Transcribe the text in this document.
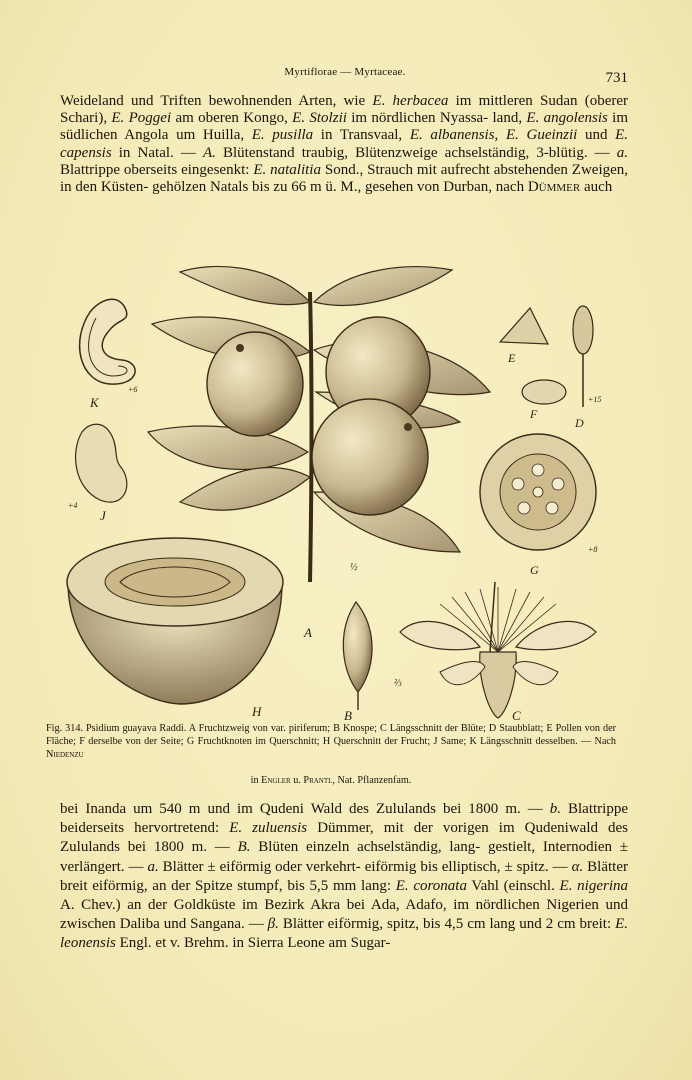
Myrtiflorae — Myrtaceae.	731
Weideland und Triften bewohnenden Arten, wie E. herbacea im mittleren Sudan (oberer Schari), E. Poggei am oberen Kongo, E. Stolzii im nördlichen Nyassa- land, E. angolensis im südlichen Angola um Huilla, E. pusilla in Transvaal, E. albanensis, E. Gueinzii und E. capensis in Natal. — A. Blütenstand traubig, Blütenzweige achselständig, 3-blütig. — a. Blattrippe oberseits eingesenkt: E. natalitia Sond., Strauch mit aufrecht abstehenden Zweigen, in den Küsten- gehölzen Natals bis zu 66 m ü. M., gesehen von Durban, nach Dümmer auch
K
+6
J
+4
A
½
E
D
+15
F
G
+8
H	B
⅔
C
Fig. 314. Psidium guayava Raddi. A Fruchtzweig von var. piriferum; B Knospe; C Längsschnitt der Blüte; D Staubblatt; E Pollen von der Fläche; F derselbe von der Seite; G Fruchtknoten im Querschnitt; H Querschnitt der Frucht; J Same; K Längsschnitt desselben. — Nach Niedenzu
in Engler u. Prantl, Nat. Pflanzenfam.
bei Inanda um 540 m und im Qudeni Wald des Zululands bei 1800 m. — b. Blattrippe beiderseits hervortretend: E. zuluensis Dümmer, mit der vorigen im Qudeniwald des Zululands bei 1800 m. — B. Blüten einzeln achselständig, lang- gestielt, Internodien ± verlängert. — a. Blätter ± eiförmig oder verkehrt- eiförmig bis elliptisch, ± spitz. — α. Blätter breit eiförmig, an der Spitze stumpf, bis 5,5 mm lang: E. coronata Vahl (einschl. E. nigerina A. Chev.) an der Goldküste im Bezirk Akra bei Ada, Adafo, im nördlichen Nigerien und zwischen Daliba und Sangana. — β. Blätter eiförmig, spitz, bis 4,5 cm lang und 2 cm breit: E. leonensis Engl. et v. Brehm. in Sierra Leone am Sugar-
